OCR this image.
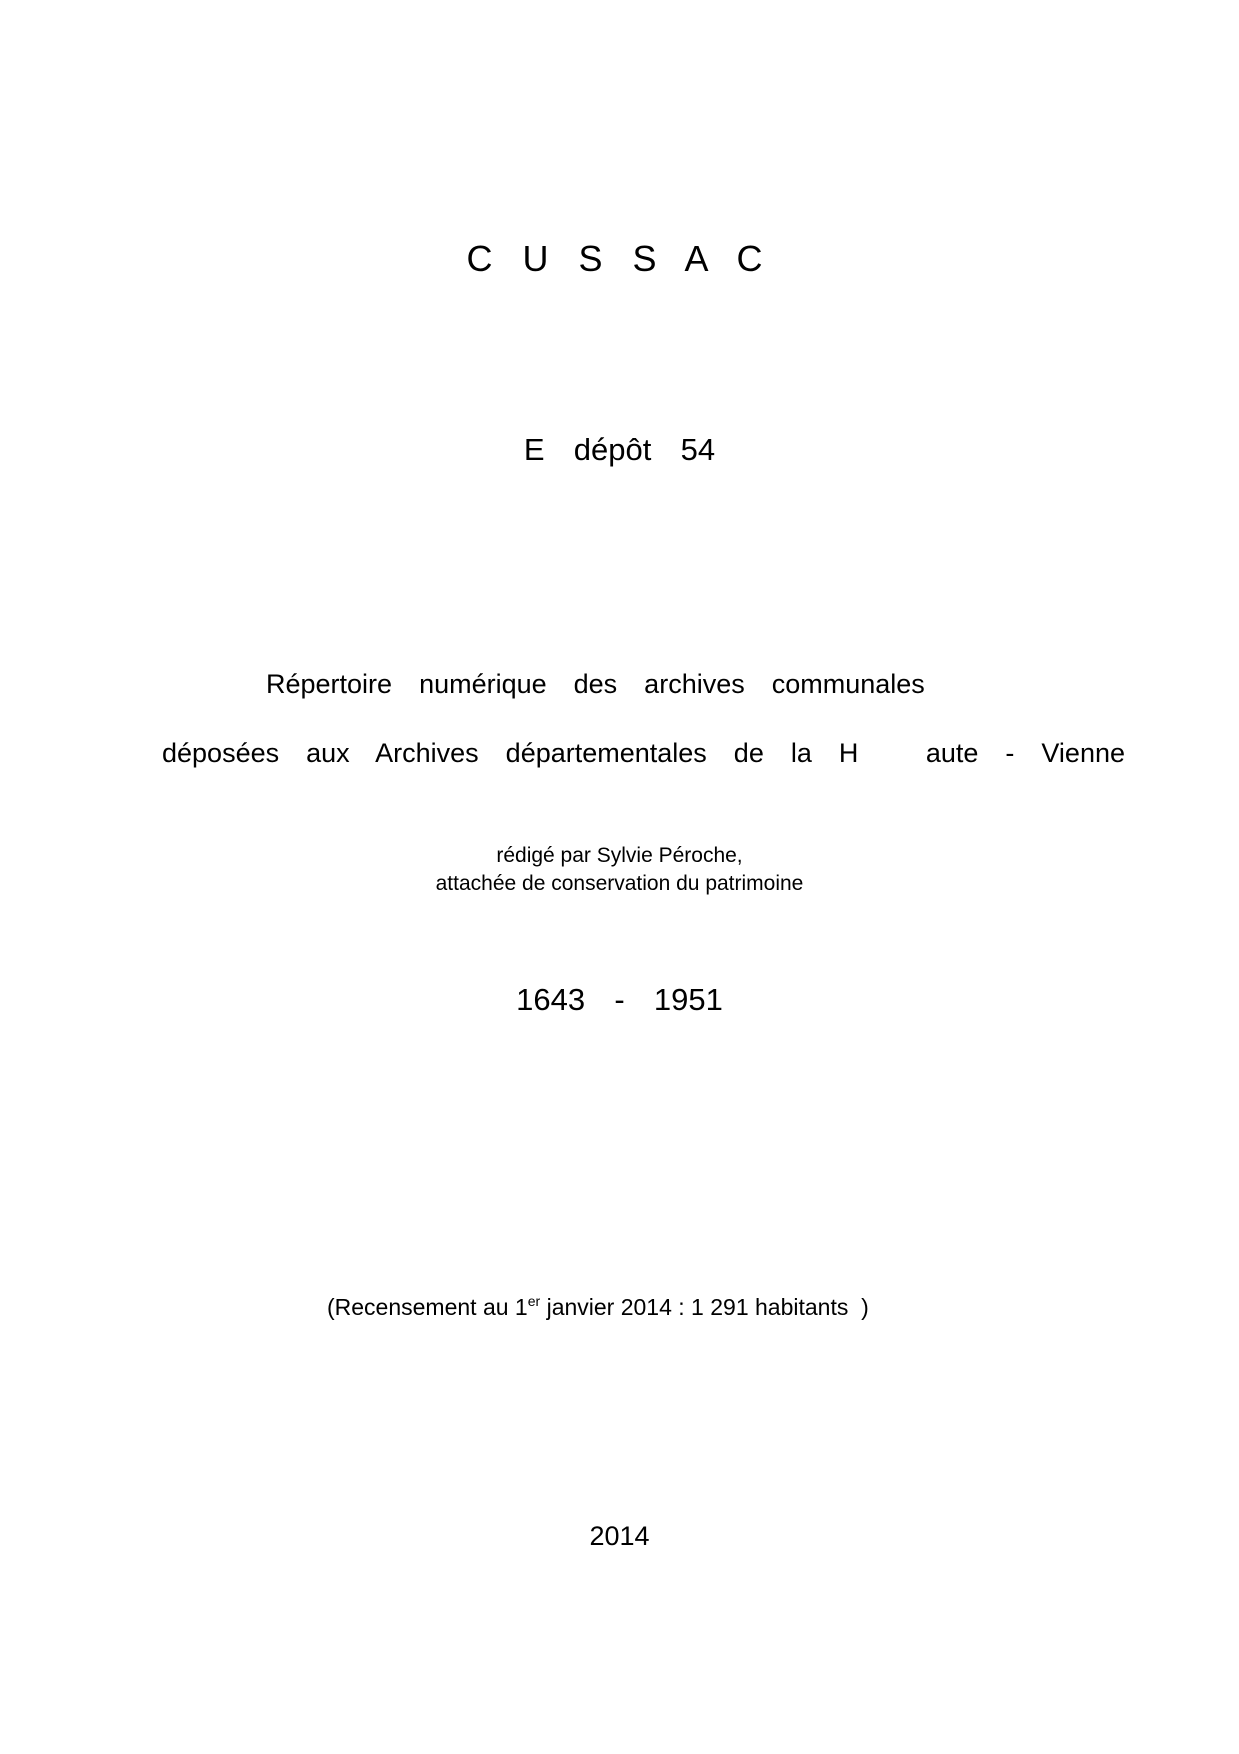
C U S S A C
E  dépôt  54
Répertoire  numérique  des  archives  communales
déposées  aux  Archives  départementales  de  la  H     aute  -  Vienne
rédigé par Sylvie Péroche,
attachée de conservation du patrimoine
1643  -  1951
(Recensement au 1er janvier 2014 : 1 291 habitants  )
2014
